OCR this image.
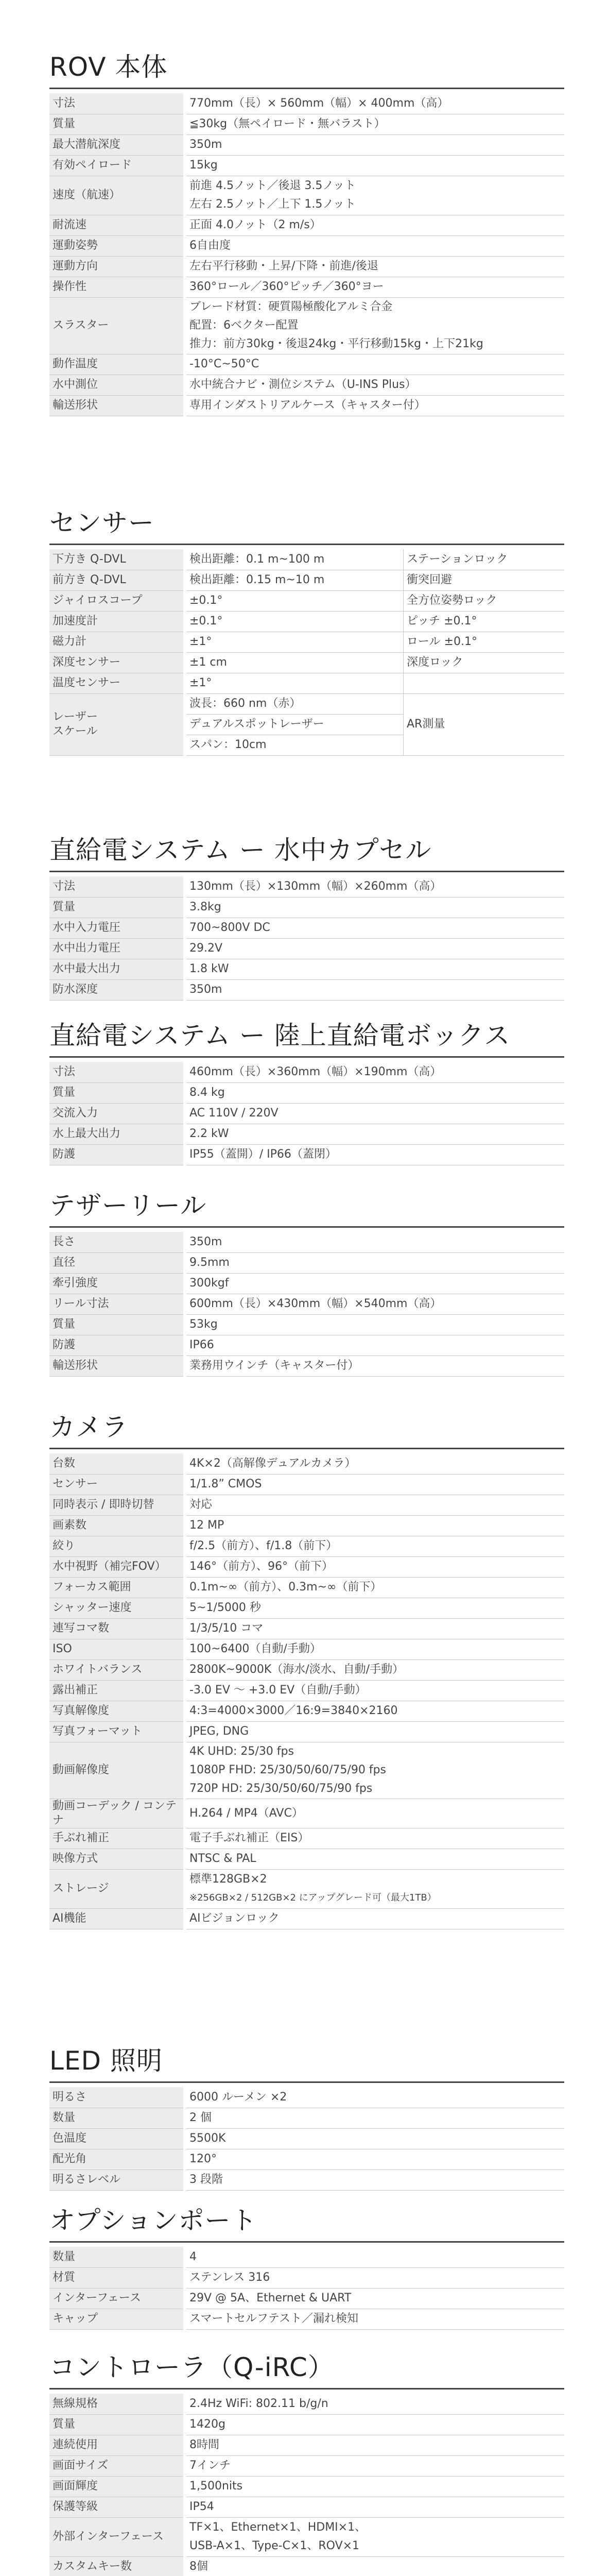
ROV 本体
寸法	770mm（長）× 560mm（幅）× 400mm（高）
質量	≦30kg（無ペイロード・無バラスト）
最大潜航深度	350m
有効ペイロード	15kg
速度（航速）	前進 4.5ノット／後退 3.5ノット
左右 2.5ノット／上下 1.5ノット

耐流速	正面 4.0ノット（2 m/s）
運動姿勢	6自由度
運動方向	左右平行移動・上昇/下降・前進/後退
操作性	360°ロール／360°ピッチ／360°ヨー
スラスター	ブレード材質：硬質陽極酸化アルミ合金
配置：6ベクター配置
推力：前方30kg・後退24kg・平行移動15kg・上下21kg

動作温度	-10°C~50°C
水中測位	水中統合ナビ・測位システム（U-INS Plus）
輸送形状	専用インダストリアルケース（キャスター付）
センサー
下方き Q-DVL	検出距離：0.1 m~100 m	ステーションロック
前方き Q-DVL	検出距離：0.15 m~10 m	衝突回避
ジャイロスコープ	±0.1°	全方位姿勢ロック
加速度計	±0.1°	ピッチ ±0.1°
磁力計	±1°	ロール ±0.1°
深度センサー	±1 cm	深度ロック
温度センサー	±1°	

レーザー
スケール	波長：660 nm（赤）	AR測量
	デュアルスポットレーザー	
	スパン：10cm	
直給電システム ー 水中カプセル
寸法	130mm（長）×130mm（幅）×260mm（高）
質量	3.8kg
水中入力電圧	700~800V DC
水中出力電圧	29.2V
水中最大出力	1.8 kW
防水深度	350m
直給電システム ー 陸上直給電ボックス
寸法	460mm（長）×360mm（幅）×190mm（高）
質量	8.4 kg
交流入力	AC 110V / 220V
水上最大出力	2.2 kW
防護	IP55（蓋開）/ IP66（蓋閉）
テザーリール
長さ	350m
直径	9.5mm
牽引強度	300kgf
リール寸法	600mm（長）×430mm（幅）×540mm（高）
質量	53kg
防護	IP66
輸送形状	業務用ウインチ（キャスター付）
カメラ
台数	4K×2（高解像デュアルカメラ）
センサー	1/1.8” CMOS
同時表示 / 即時切替	対応
画素数	12 MP
絞り	f/2.5（前方）、f/1.8（前下）
水中視野（補完FOV）	146°（前方）、96°（前下）
フォーカス範囲	0.1m~∞（前方）、0.3m~∞（前下）
シャッター速度	5~1/5000 秒
連写コマ数	1/3/5/10 コマ
ISO	100~6400（自動/手動）
ホワイトバランス	2800K~9000K（海水/淡水、自動/手動）
露出補正	-3.0 EV ～ +3.0 EV（自動/手動）
写真解像度	4:3=4000×3000／16:9=3840×2160
写真フォーマット	JPEG, DNG
動画解像度	4K UHD: 25/30 fps
1080P FHD: 25/30/50/60/75/90 fps
720P HD: 25/30/50/60/75/90 fps

動画コーデック / コンテナ	H.264 / MP4（AVC）
手ぶれ補正	電子手ぶれ補正（EIS）
映像方式	NTSC & PAL
ストレージ	標準128GB×2
※256GB×2 / 512GB×2 にアップグレード可（最大1TB）

AI機能	AIビジョンロック
LED 照明
明るさ	6000 ルーメン ×2
数量	2 個
色温度	5500K
配光角	120°
明るさレベル	3 段階
オプションポート
数量	4
材質	ステンレス 316
インターフェース	29V @ 5A、Ethernet & UART
キャップ	スマートセルフテスト／漏れ検知
コントローラ（Q-iRC）
無線規格	2.4Hz WiFi: 802.11 b/g/n
質量	1420g
連続使用	8時間
画面サイズ	7インチ
画面輝度	1,500nits
保護等級	IP54
外部インターフェース	TF×1、Ethernet×1、HDMI×1、
USB-A×1、Type-C×1、ROV×1

カスタムキー数	8個
